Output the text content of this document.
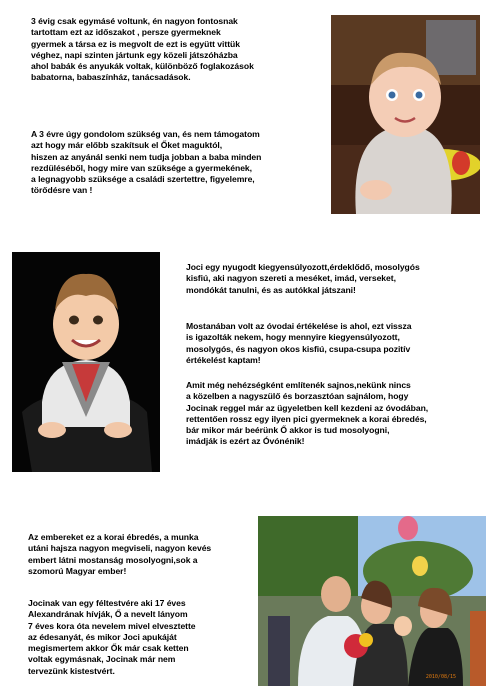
3 évig csak egymásé voltunk, én nagyon fontosnak
tartottam ezt az időszakot , persze gyermeknek
gyermek a társa ez is megvolt de ezt is együtt vittük
véghez, napi szinten jártunk egy közeli játszóházba
ahol babák és anyukák voltak, különböző foglakozások
babatorna, babaszínház, tanácsadások.
A 3 évre úgy gondolom szükség van, és nem támogatom
azt hogy már előbb szakítsuk el Őket maguktól,
hiszen az anyánál senki nem tudja jobban a baba minden
rezdüléséből, hogy mire van szüksége a gyermekének,
a legnagyobb szüksége a családi szertettre, figyelemre,
törődésre van !
Joci egy nyugodt kiegyensúlyozott,érdeklődő, mosolygós
kisfiú, aki nagyon szereti a meséket, imád, verseket,
mondókát tanulni, és as autókkal játszani!
Mostanában volt az óvodai értékelése is ahol, ezt vissza
is igazolták nekem, hogy mennyire kiegyensúlyozott,
mosolygós, és nagyon okos kisfiú, csupa-csupa pozitív
értékelést kaptam!
Amit még nehézségként említenék sajnos,nekünk nincs
a közelben a nagyszülő és borzasztóan sajnálom, hogy
Jocinak reggel már az ügyeletben kell kezdeni az óvodában,
rettentően rossz egy ilyen pici gyermeknek a korai ébredés,
bár mikor már beérünk Ő akkor is tud mosolyogni,
imádják is ezért az Óvónénik!
Az embereket ez a korai ébredés, a munka
utáni hajsza nagyon megviseli, nagyon kevés
embert látni mostanság mosolyogni,sok a
szomorú Magyar ember!
Jocinak van egy féltestvére aki 17 éves
Alexandrának hívják, Ő a nevelt lányom
7 éves kora óta nevelem mivel elvesztette
az édesanyát, és mikor Joci apukáját
megismertem akkor Ők már csak ketten
voltak egymásnak, Jocinak már nem
tervezünk kistestvért.
2010/08/15
